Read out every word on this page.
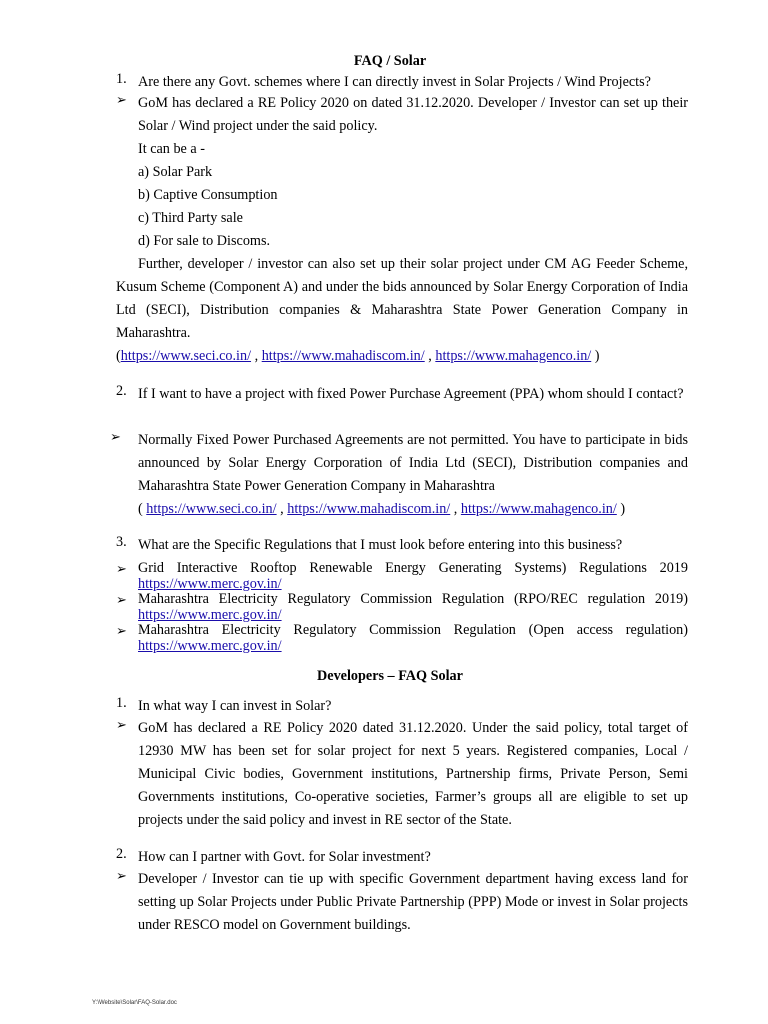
FAQ / Solar
1. Are there any Govt. schemes where I can directly invest in Solar Projects / Wind Projects?
➢ GoM has declared a RE Policy 2020 on dated 31.12.2020. Developer / Investor can set up their Solar / Wind project under the said policy.

It can be a -

a) Solar Park

b) Captive Consumption

c) Third Party sale

d) For sale to Discoms.

Further, developer / investor can also set up their solar project under CM AG Feeder Scheme, Kusum Scheme (Component A) and under the bids announced by Solar Energy Corporation of India Ltd (SECI), Distribution companies & Maharashtra State Power Generation Company in Maharashtra.
(https://www.seci.co.in/ , https://www.mahadiscom.in/ , https://www.mahagenco.in/ )
2. If I want to have a project with fixed Power Purchase Agreement (PPA) whom should I contact?
➢ Normally Fixed Power Purchased Agreements are not permitted. You have to participate in bids announced by Solar Energy Corporation of India Ltd (SECI), Distribution companies and Maharashtra State Power Generation Company in Maharashtra

( https://www.seci.co.in/ , https://www.mahadiscom.in/ , https://www.mahagenco.in/ )
3. What are the Specific Regulations that I must look before entering into this business?
➢ Grid Interactive Rooftop Renewable Energy Generating Systems) Regulations 2019
https://www.merc.gov.in/
➢ Maharashtra Electricity Regulatory Commission Regulation (RPO/REC regulation 2019)
https://www.merc.gov.in/
➢ Maharashtra Electricity Regulatory Commission Regulation (Open access regulation)
https://www.merc.gov.in/
Developers – FAQ Solar
1. In what way I can invest in Solar?
➢ GoM has declared a RE Policy 2020 dated 31.12.2020. Under the said policy, total target of 12930 MW has been set for solar project for next 5 years. Registered companies, Local / Municipal Civic bodies, Government institutions, Partnership firms, Private Person, Semi Governments institutions, Co-operative societies, Farmer’s groups all are eligible to set up projects under the said policy and invest in RE sector of the State.

2. How can I partner with Govt. for Solar investment?
➢ Developer / Investor can tie up with specific Government department having excess land for setting up Solar Projects under Public Private Partnership (PPP) Mode or invest in Solar projects under RESCO model on Government buildings.

Y:\Website\Solar\FAQ-Solar.doc
